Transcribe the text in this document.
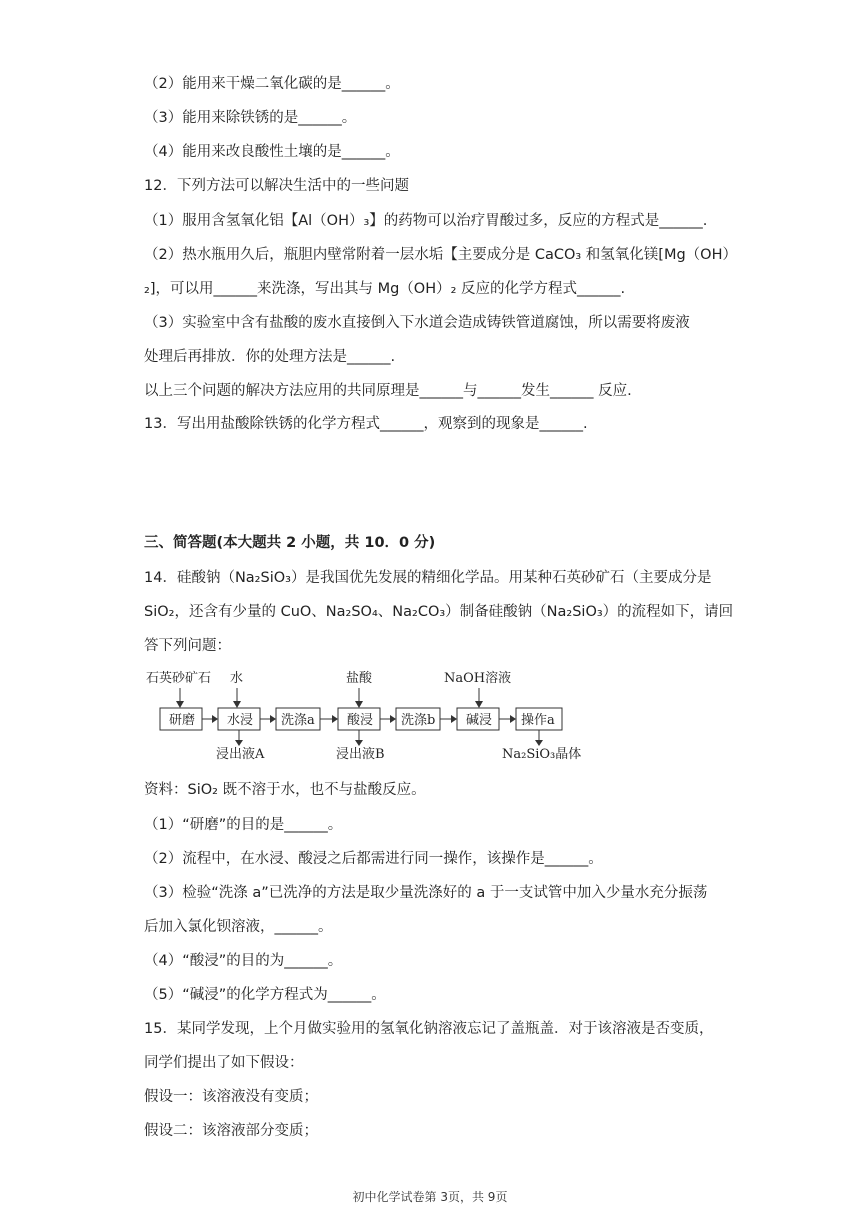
（2）能用来干燥二氧化碳的是______。
（3）能用来除铁锈的是______。
（4）能用来改良酸性土壤的是______。
12．下列方法可以解决生活中的一些问题
（1）服用含氢氧化铝【Al（OH）₃】的药物可以治疗胃酸过多，反应的方程式是______.
（2）热水瓶用久后，瓶胆内壁常附着一层水垢【主要成分是 CaCO₃ 和氢氧化镁[Mg（OH）
₂]，可以用______来洗涤，写出其与 Mg（OH）₂ 反应的化学方程式______.
（3）实验室中含有盐酸的废水直接倒入下水道会造成铸铁管道腐蚀，所以需要将废液
处理后再排放．你的处理方法是______.
以上三个问题的解决方法应用的共同原理是______与______发生______ 反应.
13．写出用盐酸除铁锈的化学方程式______，观察到的现象是______.
三、简答题(本大题共 2 小题，共 10．0 分)
14．硅酸钠（Na₂SiO₃）是我国优先发展的精细化学品。用某种石英砂矿石（主要成分是
SiO₂，还含有少量的 CuO、Na₂SO₄、Na₂CO₃）制备硅酸钠（Na₂SiO₃）的流程如下，请回
答下列问题：
石英砂矿石 水	盐酸	NaOH溶液
研磨 水浸 洗涤a 酸浸 洗涤b 碱浸 操作a
浸出液A	浸出液B	Na₂SiO₃晶体
资料：SiO₂ 既不溶于水，也不与盐酸反应。
（1）“研磨”的目的是______。
（2）流程中，在水浸、酸浸之后都需进行同一操作，该操作是______。
（3）检验“洗涤 a”已洗净的方法是取少量洗涤好的 a 于一支试管中加入少量水充分振荡
后加入氯化钡溶液，______。
（4）“酸浸”的目的为______。
（5）“碱浸”的化学方程式为______。
15．某同学发现，上个月做实验用的氢氧化钠溶液忘记了盖瓶盖．对于该溶液是否变质，
同学们提出了如下假设：
假设一：该溶液没有变质；
假设二：该溶液部分变质；
初中化学试卷第 3页，共 9页
